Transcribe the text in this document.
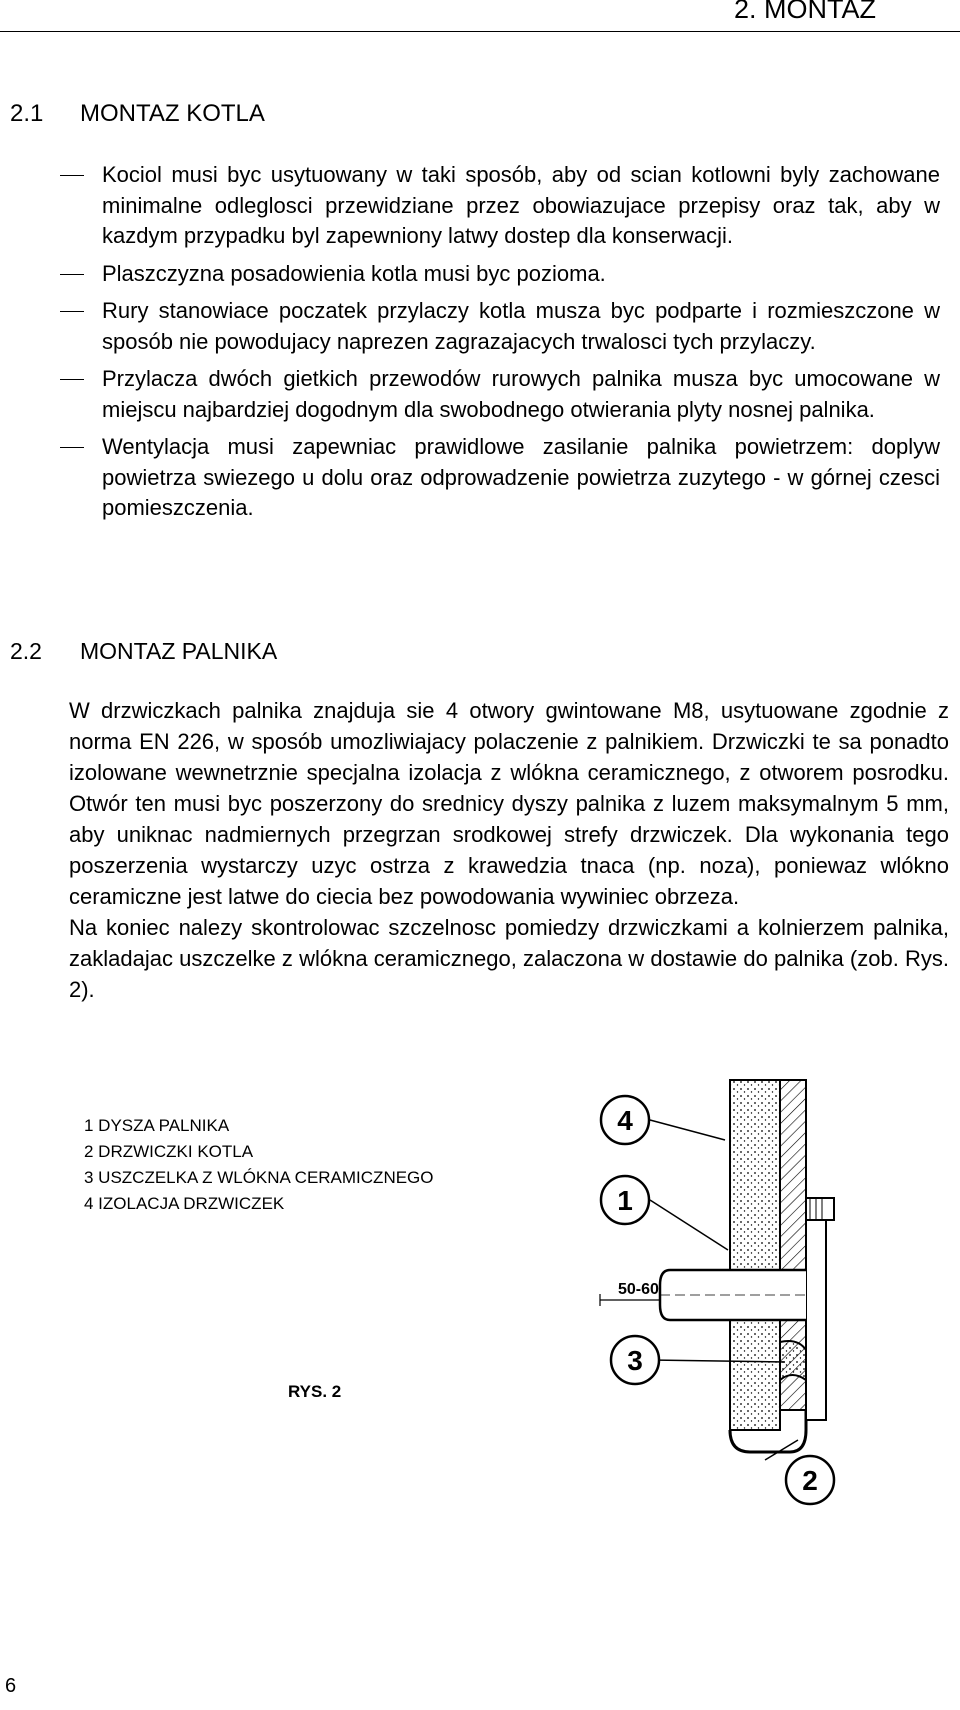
2. MONTAZ
2.1 MONTAZ KOTLA
Kociol musi byc usytuowany w taki sposób, aby od scian kotlowni byly zachowane minimalne odleglosci przewidziane przez obowiazujace przepisy oraz tak, aby w kazdym przypadku byl zapewniony latwy dostep dla konserwacji.
Plaszczyzna posadowienia kotla musi byc pozioma.
Rury stanowiace poczatek przylaczy kotla musza byc podparte i rozmieszczone w sposób nie powodujacy naprezen zagrazajacych trwalosci tych przylaczy.
Przylacza dwóch gietkich przewodów rurowych palnika musza byc umocowane w miejscu najbardziej dogodnym dla swobodnego otwierania plyty nosnej palnika.
Wentylacja musi zapewniac prawidlowe zasilanie palnika powietrzem: doplyw powietrza swiezego u dolu oraz odprowadzenie powietrza zuzytego - w górnej czesci pomieszczenia.
2.2 MONTAZ PALNIKA

W drzwiczkach palnika znajduja sie 4 otwory gwintowane M8, usytuowane zgodnie z norma EN 226, w sposób umozliwiajacy polaczenie z palnikiem. Drzwiczki te sa ponadto izolowane wewnetrznie specjalna izolacja z wlókna ceramicznego, z otworem posrodku. Otwór ten musi byc poszerzony do srednicy dyszy palnika z luzem maksymalnym 5 mm, aby uniknac nadmiernych przegrzan srodkowej strefy drzwiczek. Dla wykonania tego poszerzenia wystarczy uzyc ostrza z krawedzia tnaca (np. noza), poniewaz wlókno ceramiczne jest latwe do ciecia bez powodowania wywiniec obrzeza.

Na koniec nalezy skontrolowac szczelnosc pomiedzy drzwiczkami a kolnierzem palnika, zakladajac uszczelke z wlókna ceramicznego, zalaczona w dostawie do palnika (zob. Rys. 2).

1 DYSZA PALNIKA
2 DRZWICZKI KOTLA
3 USZCZELKA Z WLÓKNA CERAMICZNEGO
4 IZOLACJA DRZWICZEK

RYS. 2

4
1
3
2
50-60

6
